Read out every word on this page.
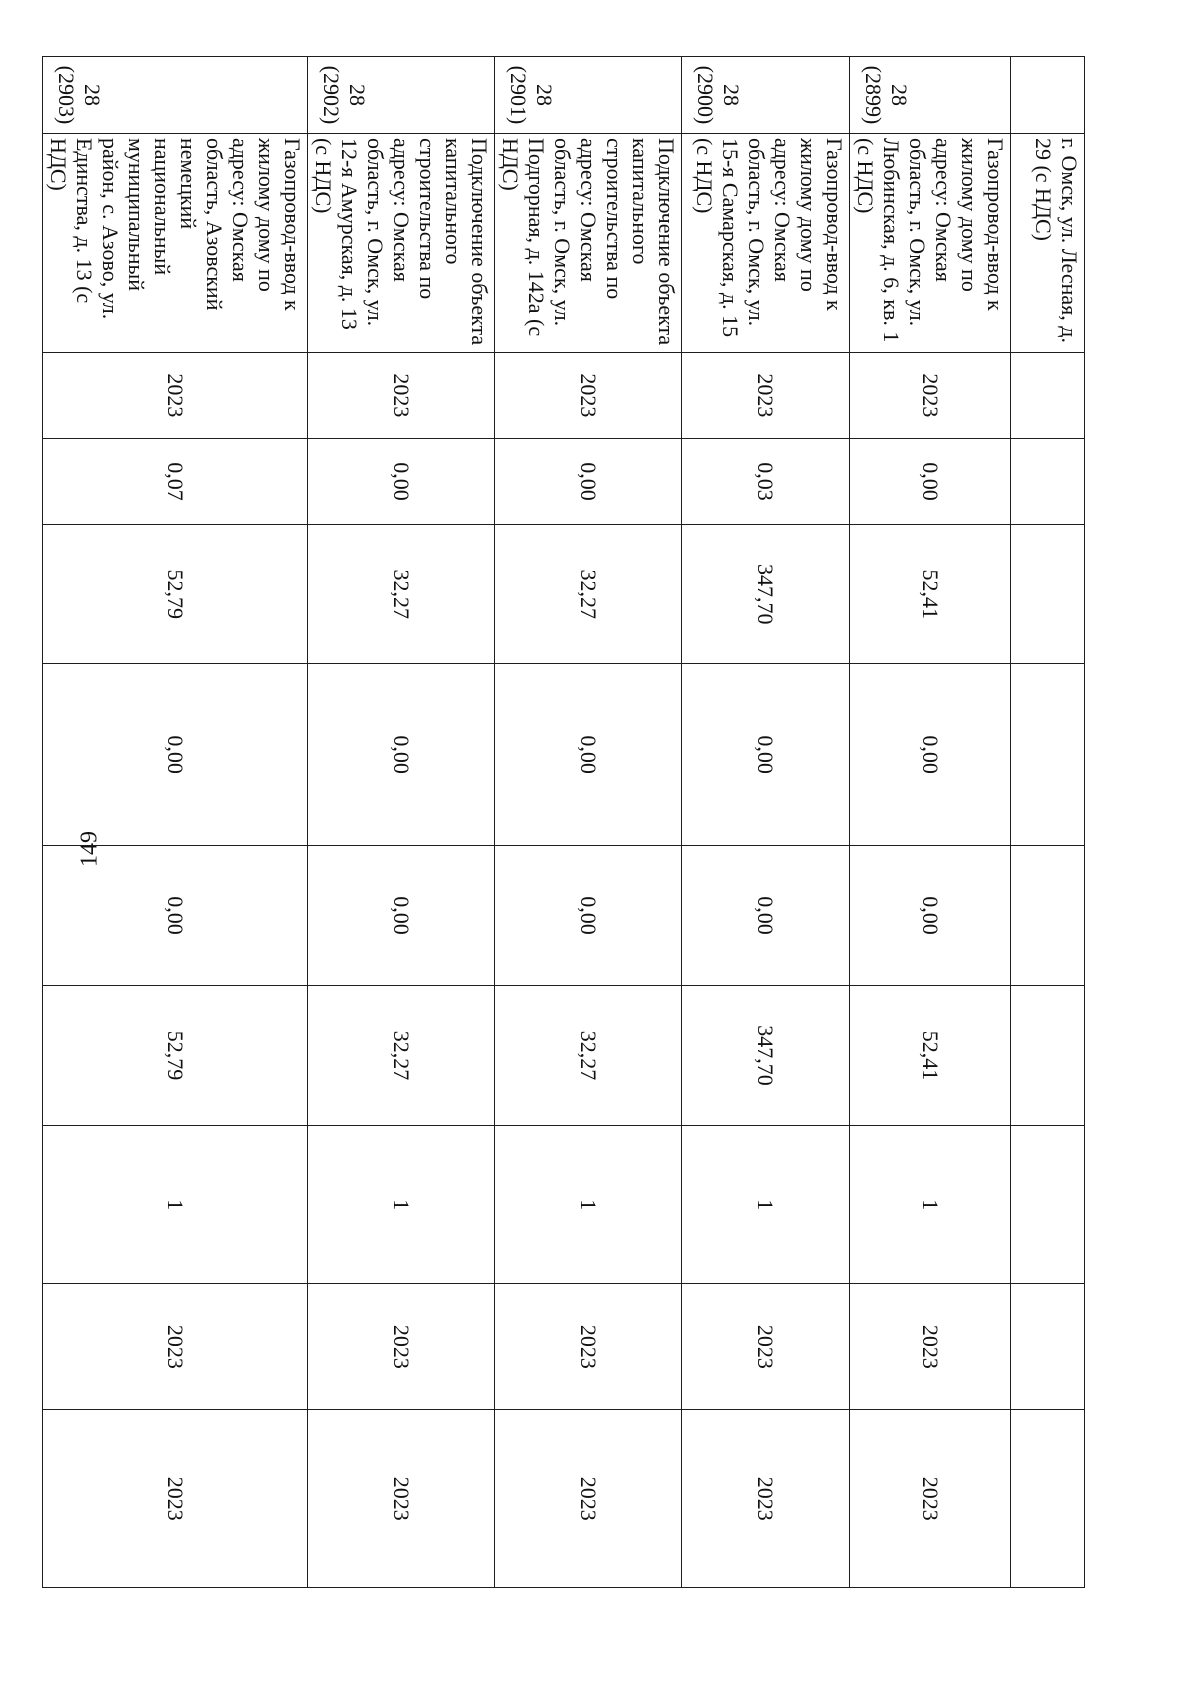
149
	г. Омск, ул. Лесная, д. 29 (с НДС)									
28 (2899)	Газопровод-ввод к жилому дому по адресу: Омская область, г. Омск, ул. Любинская, д. 6, кв. 1 (с НДС)	2023	0,00	52,41	0,00	0,00	52,41	1	2023	2023
28 (2900)	Газопровод-ввод к жилому дому по адресу: Омская область, г. Омск, ул. 15-я Самарская, д. 15 (с НДС)	2023	0,03	347,70	0,00	0,00	347,70	1	2023	2023
28 (2901)	Подключение объекта капитального строительства по адресу: Омская область, г. Омск, ул. Подгорная, д. 142а (с НДС)	2023	0,00	32,27	0,00	0,00	32,27	1	2023	2023
28 (2902)	Подключение объекта капитального строительства по адресу: Омская область, г. Омск, ул. 12-я Амурская, д. 13 (с НДС)	2023	0,00	32,27	0,00	0,00	32,27	1	2023	2023
28 (2903)	Газопровод-ввод к жилому дому по адресу: Омская область, Азовский немецкий национальный муниципальный район, с. Азово, ул. Единства, д. 13 (с НДС)	2023	0,07	52,79	0,00	0,00	52,79	1	2023	2023
